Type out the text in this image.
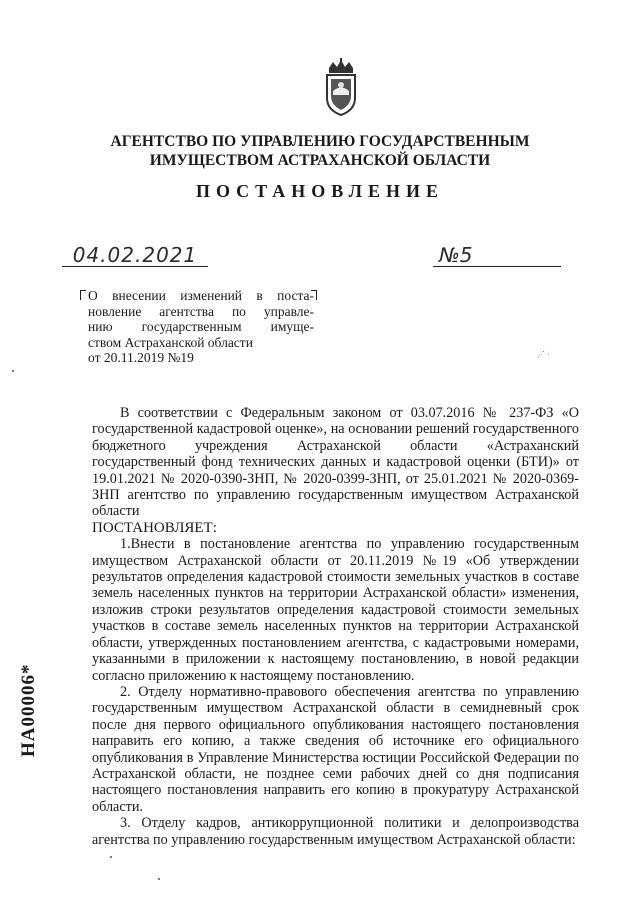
АГЕНТСТВО ПО УПРАВЛЕНИЮ ГОСУДАРСТВЕННЫМ
ИМУЩЕСТВОМ АСТРАХАНСКОЙ ОБЛАСТИ
ПОСТАНОВЛЕНИЕ
04.02.2021	№5
О внесении изменений в поста-
новление агентства по управле-
нию государственным имуще-
ством Астраханской области
от 20.11.2019 №19	⋰ ·

В соответствии с Федеральным законом от 03.07.2016 № 237-ФЗ «О государственной кадастровой оценке», на основании решений государственного бюджетного учреждения Астраханской области «Астраханский государственный фонд технических данных и кадастровой оценки (БТИ)» от 19.01.2021 № 2020-0390-ЗНП, № 2020-0399-ЗНП, от 25.01.2021 № 2020-0369-ЗНП агентство по управлению государственным имуществом Астраханской области

ПОСТАНОВЛЯЕТ:

1.Внести в постановление агентства по управлению государственным имуществом Астраханской области от 20.11.2019 №19 «Об утверждении результатов определения кадастровой стоимости земельных участков в составе земель населенных пунктов на территории Астраханской области» изменения, изложив строки результатов определения кадастровой стоимости земельных участков в составе земель населенных пунктов на территории Астраханской области, утвержденных постановлением агентства, с кадастровыми номерами, указанными в приложении к настоящему постановлению, в новой редакции согласно приложению к настоящему постановлению.

2. Отделу нормативно-правового обеспечения агентства по управлению государственным имуществом Астраханской области в семидневный срок после дня первого официального опубликования настоящего постановления направить его копию, а также сведения об источнике его официального опубликования в Управление Министерства юстиции Российской Федерации по Астраханской области, не позднее семи рабочих дней со дня подписания настоящего постановления направить его копию в прокуратуру Астраханской области.

3. Отделу кадров, антикоррупционной политики и делопроизводства агентства по управлению государственным имуществом Астраханской области:

НА00006*
